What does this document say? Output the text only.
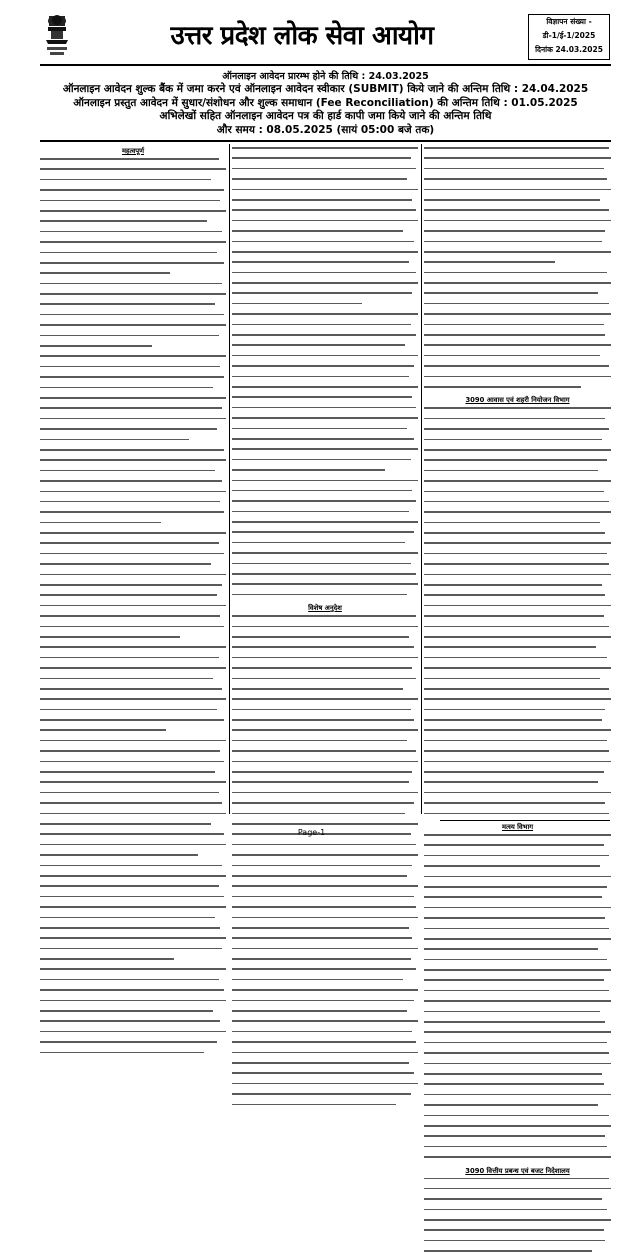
उत्तर प्रदेश लोक सेवा आयोग	विज्ञापन संख्या -
डी-1/ई-1/2025
दिनांक 24.03.2025
ऑनलाइन आवेदन प्रारम्भ होने की तिथि : 24.03.2025
ऑनलाइन आवेदन शुल्क बैंक में जमा करने एवं ऑनलाइन आवेदन स्वीकार (SUBMIT) किये जाने की अन्तिम तिथि : 24.04.2025
ऑनलाइन प्रस्तुत आवेदन में सुधार/संशोधन और शुल्क समाधान (Fee Reconciliation) की अन्तिम तिथि : 01.05.2025
अभिलेखों सहित ऑनलाइन आवेदन पत्र की हार्ड कापी जमा किये जाने की अन्तिम तिथि
और समय : 08.05.2025 (सायं 05:00 बजे तक)
महत्वपूर्ण
विशेष अनुदेश
3090 आवास एवं शहरी नियोजन विभाग
मत्स्य विभाग
3090 वित्तीय प्रबन्ध एवं बजट निदेशालय
Page-1
